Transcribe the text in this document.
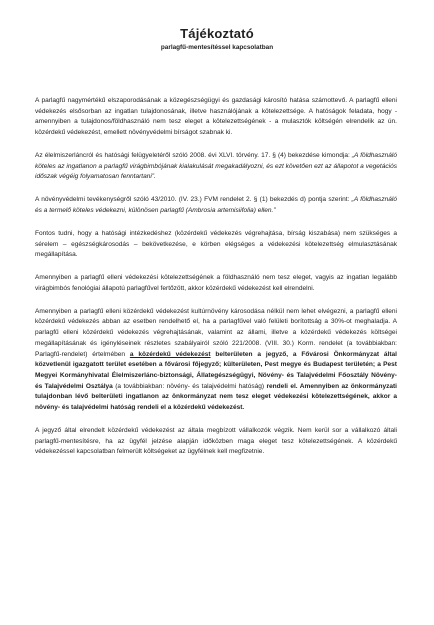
Tájékoztató
parlagfű-mentesítéssel kapcsolatban

A parlagfű nagymértékű elszaporodásának a közegészségügyi és gazdasági károsító hatása számottevő. A parlagfű elleni védekezés elsősorban az ingatlan tulajdonosának, illetve használójának a kötelezettsége. A hatóságok feladata, hogy - amennyiben a tulajdonos/földhasználó nem tesz eleget a kötelezettségének - a mulasztók költségén elrendelik az ún. közérdekű védekezést, emellett növényvédelmi bírságot szabnak ki.

Az élelmiszerláncról és hatósági felügyeletéről szóló 2008. évi XLVI. törvény. 17. § (4) bekezdése kimondja: „A földhasználó köteles az ingatlanon a parlagfű virágbimbójának kialakulását megakadályozni, és ezt követően ezt az állapotot a vegetációs időszak végéig folyamatosan fenntartani”.

A növényvédelmi tevékenységről szóló 43/2010. (IV. 23.) FVM rendelet 2. § (1) bekezdés d) pontja szerint: „A földhasználó és a termelő köteles védekezni, különösen parlagfű (Ambrosia artemisiifolia) ellen.”

Fontos tudni, hogy a hatósági intézkedéshez (közérdekű védekezés végrehajtása, bírság kiszabása) nem szükséges a sérelem – egészségkárosodás – bekövetkezése, e körben elégséges a védekezési kötelezettség elmulasztásának megállapítása.

Amennyiben a parlagfű elleni védekezési kötelezettségének a földhasználó nem tesz eleget, vagyis az ingatlan legalább virágbimbós fenológiai állapotú parlagfűvel fertőzött, akkor közérdekű védekezést kell elrendelni.

Amennyiben a parlagfű elleni közérdekű védekezést kultúrnövény károsodása nélkül nem lehet elvégezni, a parlagfű elleni közérdekű védekezés abban az esetben rendelhető el, ha a parlagfűvel való felületi borítottság a 30%-ot meghaladja. A parlagfű elleni közérdekű védekezés végrehajtásának, valamint az állami, illetve a közérdekű védekezés költségei megállapításának és igényléseinek részletes szabályairól szóló 221/2008. (VIII. 30.) Korm. rendelet (a továbbiakban: Parlagfű-rendelet) értelmében a közérdekű védekezést belterületen a jegyző, a Fővárosi Önkormányzat által közvetlenül igazgatott terület esetében a fővárosi főjegyző; külterületen, Pest megye és Budapest területén; a Pest Megyei Kormányhivatal Élelmiszerlánc-biztonsági, Állategészségügyi, Növény- és Talajvédelmi Főosztály Növény- és Talajvédelmi Osztálya (a továbbiakban: növény- és talajvédelmi hatóság) rendeli el. Amennyiben az önkormányzati tulajdonban lévő belterületi ingatlanon az önkormányzat nem tesz eleget védekezési kötelezettségének, akkor a növény- és talajvédelmi hatóság rendeli el a közérdekű védekezést.

A jegyző által elrendelt közérdekű védekezést az általa megbízott vállalkozók végzik. Nem kerül sor a vállalkozó általi parlagfű-mentesítésre, ha az ügyfél jelzése alapján időközben maga eleget tesz kötelezettségének. A közérdekű védekezéssel kapcsolatban felmerült költségeket az ügyfélnek kell megfizetnie.
